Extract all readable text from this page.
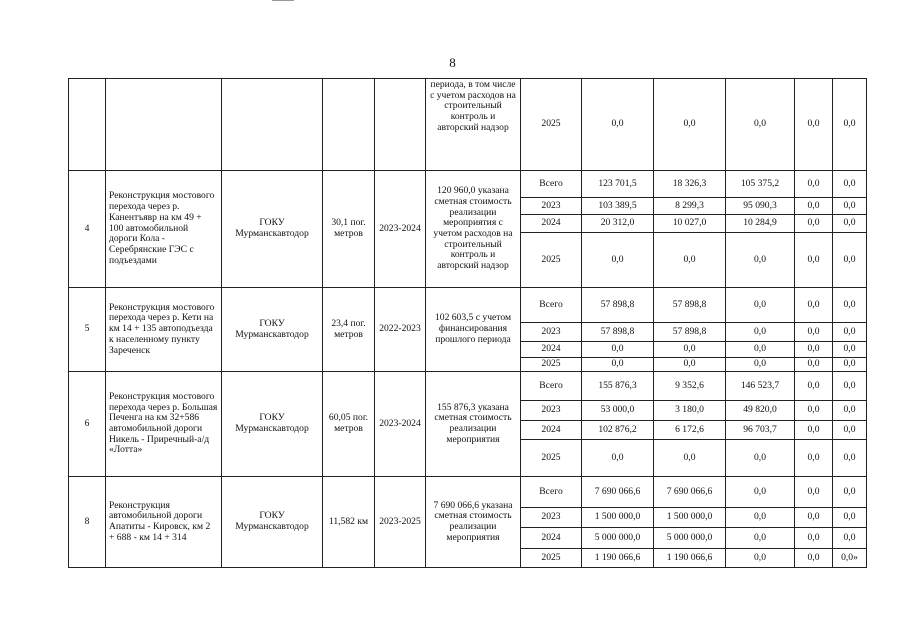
8
					периода, в том числе с учетом расходов на строительный контроль и авторский надзор	2025	0,0	0,0	0,0	0,0	0,0
4	Реконструкция мостового перехода через р. Канентъявр на км 49 + 100 автомобильной дороги Кола - Серебрянские ГЭС с подъездами	ГОКУ Мурманскавтодор	30,1 пог. метров	2023-2024	120 960,0 указана сметная стоимость реализации мероприятия с учетом расходов на строительный контроль и авторский надзор	Всего	123 701,5	18 326,3	105 375,2	0,0	0,0
						2023	103 389,5	8 299,3	95 090,3	0,0	0,0
						2024	20 312,0	10 027,0	10 284,9	0,0	0,0
						2025	0,0	0,0	0,0	0,0	0,0
5	Реконструкция мостового перехода через р. Кети на км 14 + 135 автоподъезда к населенному пункту Зареченск	ГОКУ Мурманскавтодор	23,4 пог. метров	2022-2023	102 603,5 с учетом финансирования прошлого периода	Всего	57 898,8	57 898,8	0,0	0,0	0,0
						2023	57 898,8	57 898,8	0,0	0,0	0,0
						2024	0,0	0,0	0,0	0,0	0,0
						2025	0,0	0,0	0,0	0,0	0,0
6	Реконструкция мостового перехода через р. Большая Печенга на км 32+586 автомобильной дороги Никель - Приречный-а/д «Лотта»	ГОКУ Мурманскавтодор	60,05 пог. метров	2023-2024	155 876,3 указана сметная стоимость реализации мероприятия	Всего	155 876,3	9 352,6	146 523,7	0,0	0,0
						2023	53 000,0	3 180,0	49 820,0	0,0	0,0
						2024	102 876,2	6 172,6	96 703,7	0,0	0,0
						2025	0,0	0,0	0,0	0,0	0,0
8	Реконструкция автомобильной дороги Апатиты - Кировск, км 2 + 688 - км 14 + 314	ГОКУ Мурманскавтодор	11,582 км	2023-2025	7 690 066,6 указана сметная стоимость реализации мероприятия	Всего	7 690 066,6	7 690 066,6	0,0	0,0	0,0
						2023	1 500 000,0	1 500 000,0	0,0	0,0	0,0
						2024	5 000 000,0	5 000 000,0	0,0	0,0	0,0
						2025	1 190 066,6	1 190 066,6	0,0	0,0	0,0»
